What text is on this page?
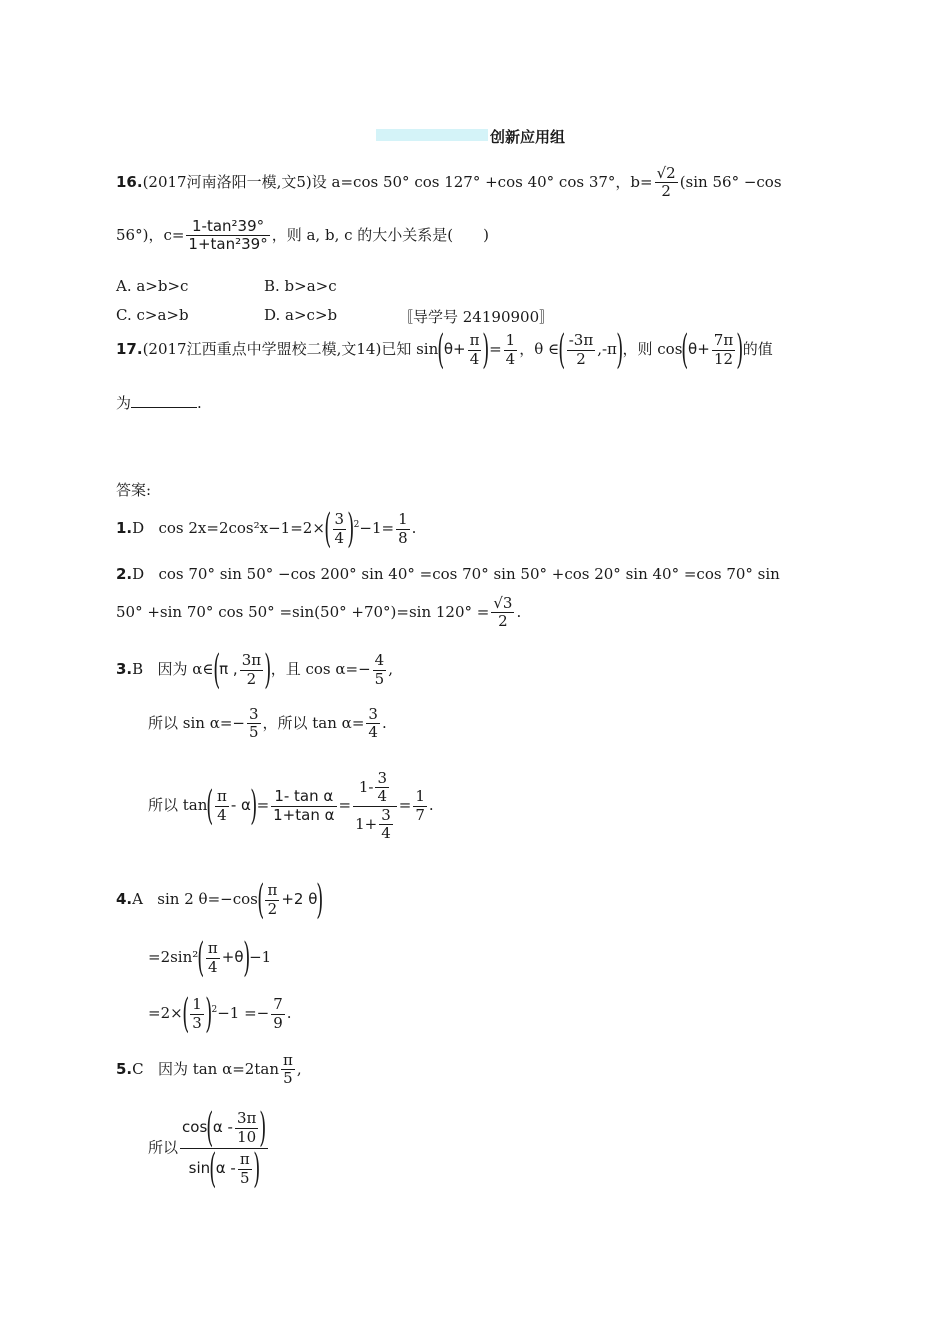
创新应用组
16.(2017河南洛阳一模,文5)设 a=cos 50° cos 127° +cos 40° cos 37°，$b= \frac{√2}{2} (\sin$ 56° −cos
56°)，$c= \frac{\text{1-tan²39°}}{\text{1+tan²39°}}$ ，则 a, b, c 的大小关系是(　　)
A. a>b>c	B. b>a>c
C. c>a>b	D. a>c>b	〚导学号 24190900〛
17.(2017江西重点中学盟校二模,文14)已知 $\sin(\theta+ \frac{\pi}{4}$ )= $\frac{1}{4}$ ，θ ∈( $\frac{-3\pi}{2} ,-\pi$)，则 $\cos(\theta+ \frac{7\pi}{12}$ )的值
为	.
答案:
1.D $\cos 2x=2\cos^2x-1=2\times( \frac{3}{4} )^2-1= \frac{1}{8}$ .
2.D cos 70° sin 50° −cos 200° sin 40° =cos 70° sin 50° +cos 20° sin 40° =cos 70° sin
50° +sin 70° cos 50° =sin(50° +70°)=sin $120^\circ = \frac{√3}{2}$ .
3.B 因为 α∈(π , $\frac{3\pi}{2}$ )，且 $\cos \alpha=- \frac{4}{5}$ ,
所以 $\sin \alpha=- \frac{3}{5}$ ，所以 $\tan \alpha= \frac{3}{4}$ .
所以 $\tan( \frac{\pi}{4} - \alpha)= \frac{\text{1- tan α}}{\text{1+tan α}} = \frac{1- \frac{3}{4}}{1+ \frac{3}{4}} = \frac{1}{7}$ .
4.A sin 2 $\theta=-\cos( \frac{\pi}{2} +2$ θ)
$=2\sin^2( \frac{\pi}{4} +\theta)-1$
$=2\times( \frac{1}{3} )^2-1 =- \frac{7}{9}$ .
5.C 因为 $\tan \alpha=2\tan \frac{\pi}{5}$ ,
所以 $\frac{\cos(\alpha - \frac{3\pi}{10} )}{\sin(\alpha - \frac{\pi}{5} )}$
